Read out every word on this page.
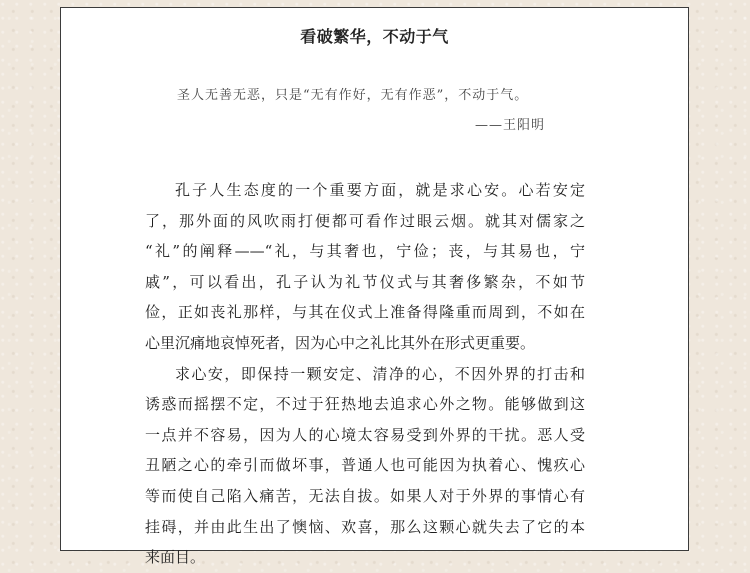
看破繁华，不动于气
圣人无善无恶，只是“无有作好，无有作恶”，不动于气。
——王阳明
孔子人生态度的一个重要方面，就是求心安。心若安定
了，那外面的风吹雨打便都可看作过眼云烟。就其对儒家之
“礼”的阐释——“礼，与其奢也，宁俭；丧，与其易也，宁
戚”，可以看出，孔子认为礼节仪式与其奢侈繁杂，不如节
俭，正如丧礼那样，与其在仪式上准备得隆重而周到，不如在
心里沉痛地哀悼死者，因为心中之礼比其外在形式更重要。
求心安，即保持一颗安定、清净的心，不因外界的打击和
诱惑而摇摆不定，不过于狂热地去追求心外之物。能够做到这
一点并不容易，因为人的心境太容易受到外界的干扰。恶人受
丑陋之心的牵引而做坏事，普通人也可能因为执着心、愧疚心
等而使自己陷入痛苦，无法自拔。如果人对于外界的事情心有
挂碍，并由此生出了懊恼、欢喜，那么这颗心就失去了它的本
来面目。
